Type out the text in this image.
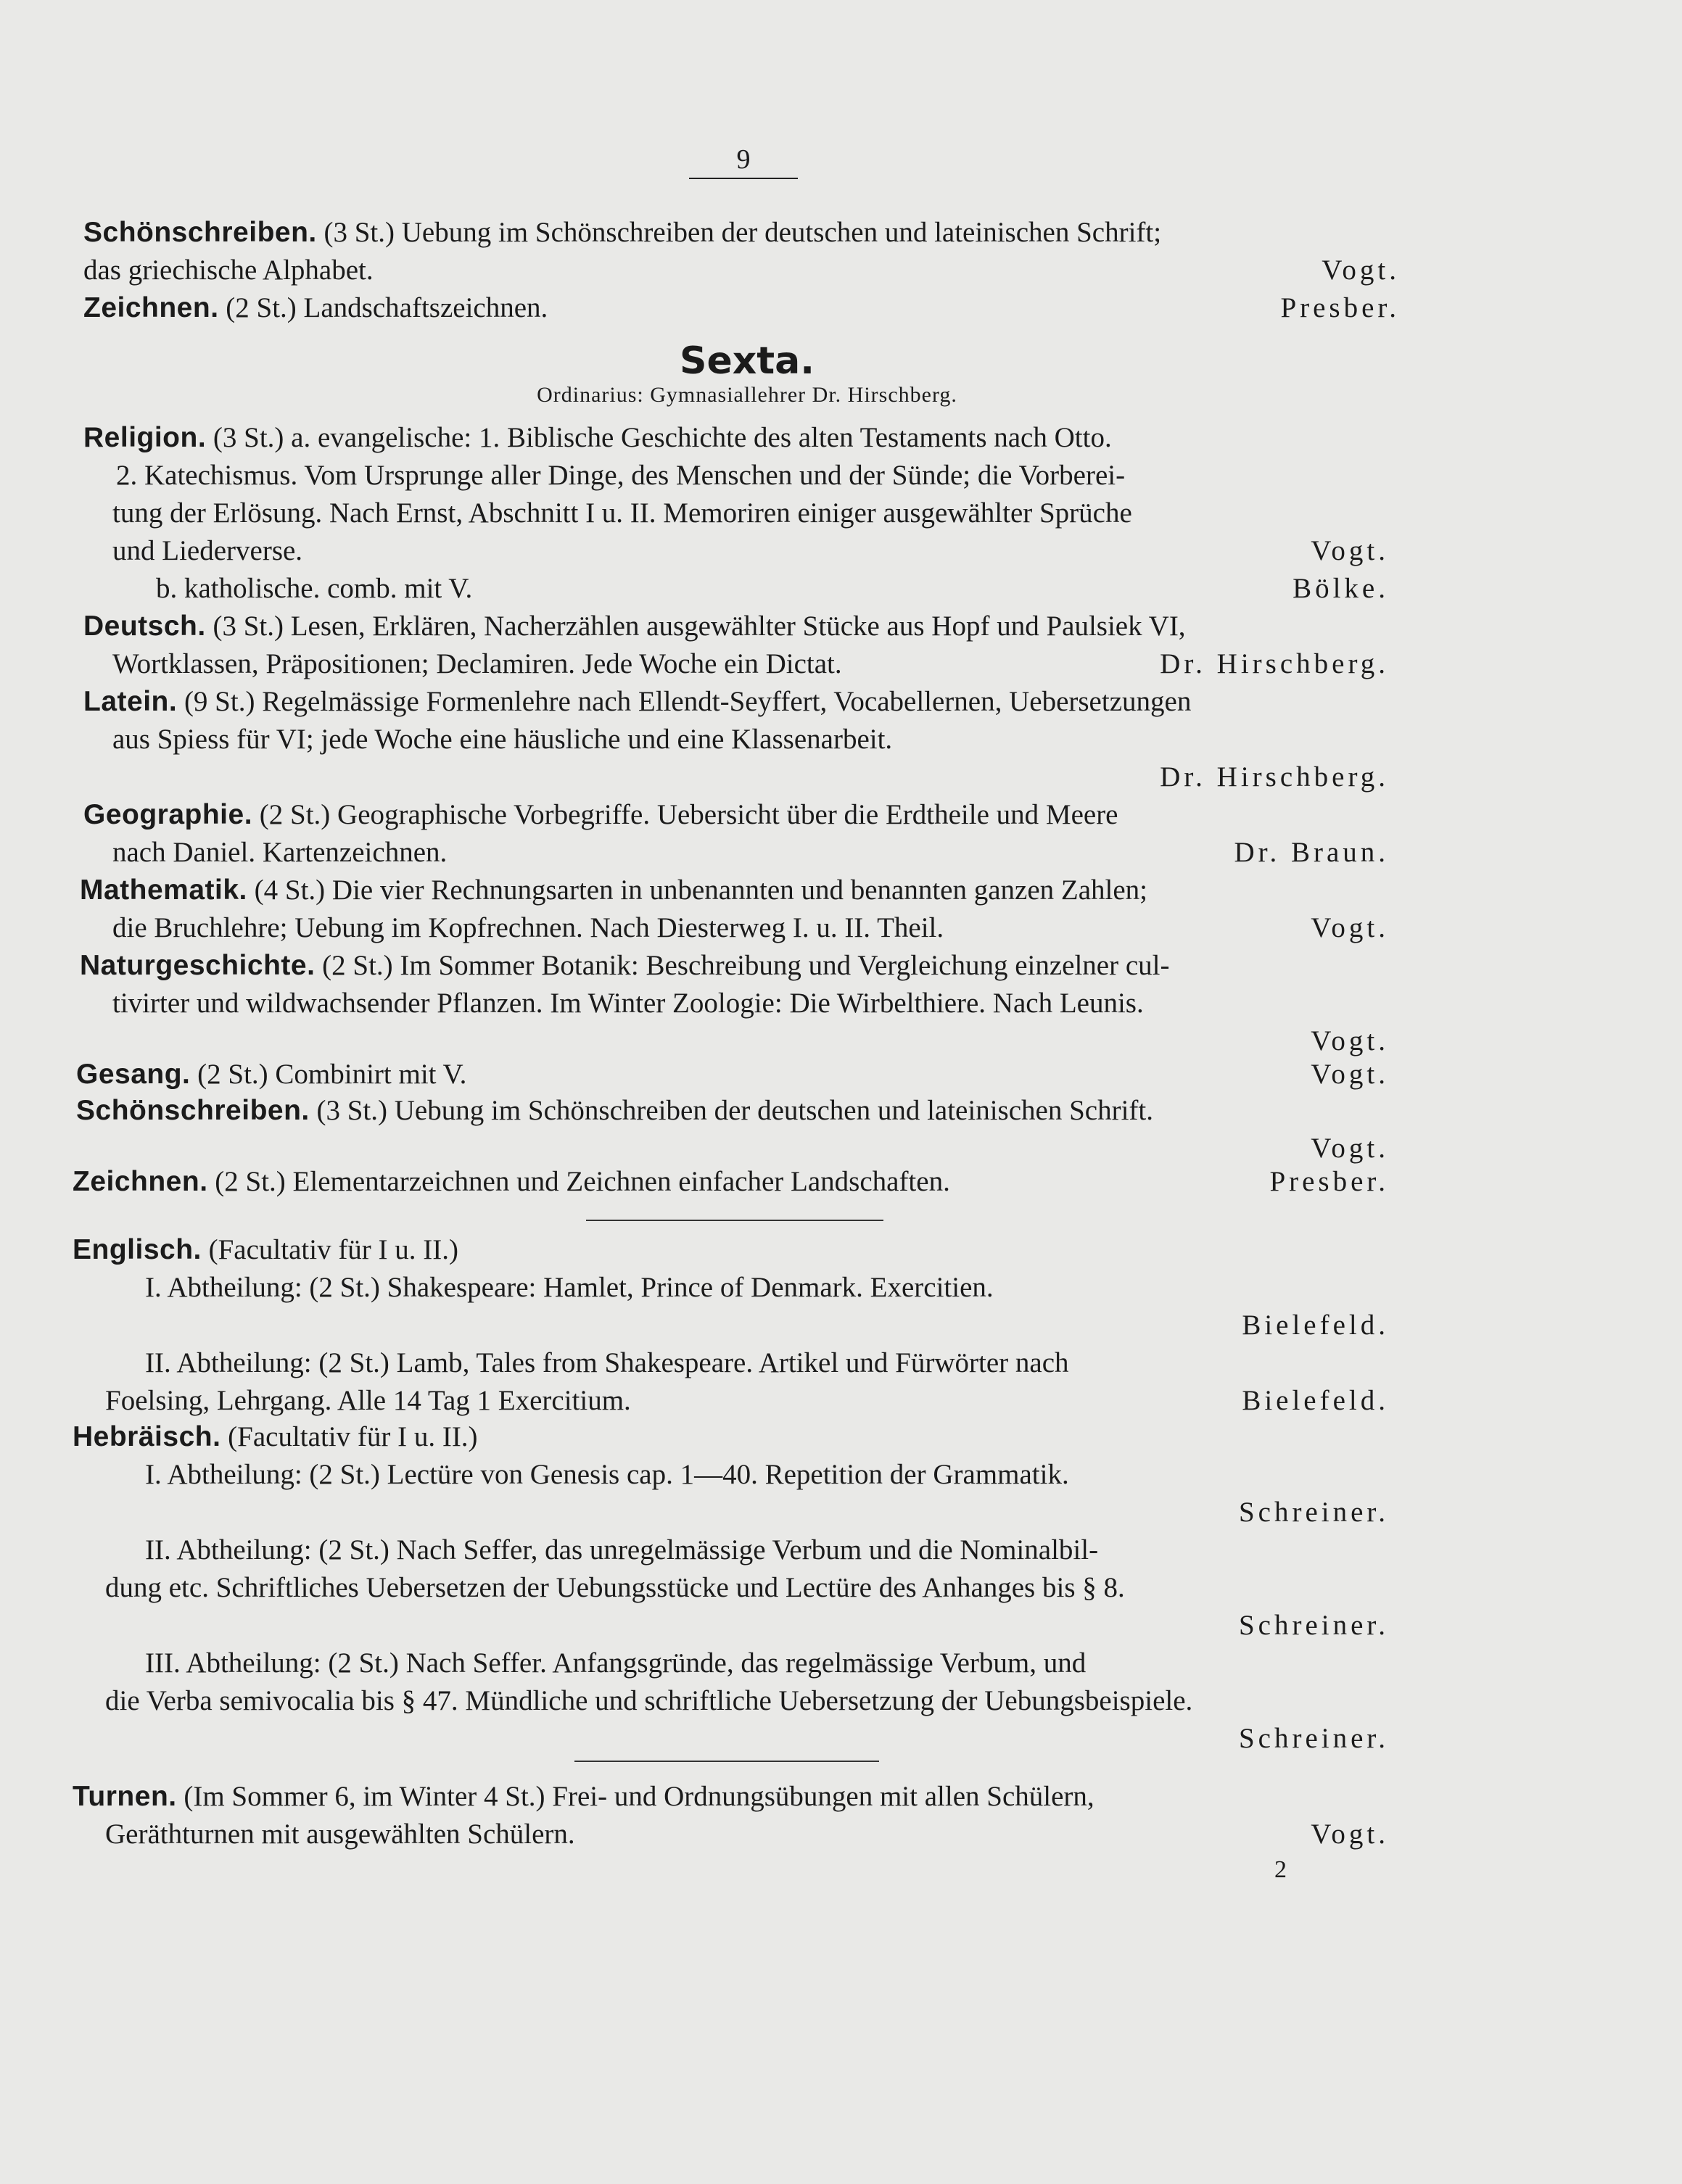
9
Schönschreiben. (3 St.) Uebung im Schönschreiben der deutschen und lateinischen Schrift;
das griechische Alphabet.	Vogt.
Zeichnen. (2 St.) Landschaftszeichnen.	Presber.
Sexta.
Ordinarius: Gymnasiallehrer Dr. Hirschberg.
Religion. (3 St.) a. evangelische: 1. Biblische Geschichte des alten Testaments nach Otto.
2. Katechismus. Vom Ursprunge aller Dinge, des Menschen und der Sünde; die Vorberei-
tung der Erlösung. Nach Ernst, Abschnitt I u. II. Memoriren einiger ausgewählter Sprüche
und Liederverse.	Vogt.
b. katholische. comb. mit V.	Bölke.
Deutsch. (3 St.) Lesen, Erklären, Nacherzählen ausgewählter Stücke aus Hopf und Paulsiek VI,
Wortklassen, Präpositionen; Declamiren. Jede Woche ein Dictat.	Dr. Hirschberg.
Latein. (9 St.) Regelmässige Formenlehre nach Ellendt-Seyffert, Vocabellernen, Uebersetzungen
aus Spiess für VI; jede Woche eine häusliche und eine Klassenarbeit.
Dr. Hirschberg.
Geographie. (2 St.) Geographische Vorbegriffe. Uebersicht über die Erdtheile und Meere
nach Daniel. Kartenzeichnen.	Dr. Braun.
Mathematik. (4 St.) Die vier Rechnungsarten in unbenannten und benannten ganzen Zahlen;
die Bruchlehre; Uebung im Kopfrechnen. Nach Diesterweg I. u. II. Theil.	Vogt.
Naturgeschichte. (2 St.) Im Sommer Botanik: Beschreibung und Vergleichung einzelner cul-
tivirter und wildwachsender Pflanzen. Im Winter Zoologie: Die Wirbelthiere. Nach Leunis.
Vogt.
Gesang. (2 St.) Combinirt mit V.	Vogt.
Schönschreiben. (3 St.) Uebung im Schönschreiben der deutschen und lateinischen Schrift.
Vogt.
Zeichnen. (2 St.) Elementarzeichnen und Zeichnen einfacher Landschaften.	Presber.
Englisch. (Facultativ für I u. II.)
I. Abtheilung: (2 St.) Shakespeare: Hamlet, Prince of Denmark. Exercitien.
Bielefeld.
II. Abtheilung: (2 St.) Lamb, Tales from Shakespeare. Artikel und Fürwörter nach
Foelsing, Lehrgang. Alle 14 Tag 1 Exercitium.	Bielefeld.
Hebräisch. (Facultativ für I u. II.)
I. Abtheilung: (2 St.) Lectüre von Genesis cap. 1—40. Repetition der Grammatik.
Schreiner.
II. Abtheilung: (2 St.) Nach Seffer, das unregelmässige Verbum und die Nominalbil-
dung etc. Schriftliches Uebersetzen der Uebungsstücke und Lectüre des Anhanges bis § 8.
Schreiner.
III. Abtheilung: (2 St.) Nach Seffer. Anfangsgründe, das regelmässige Verbum, und
die Verba semivocalia bis § 47. Mündliche und schriftliche Uebersetzung der Uebungsbeispiele.
Schreiner.
Turnen. (Im Sommer 6, im Winter 4 St.) Frei- und Ordnungsübungen mit allen Schülern,
Geräthturnen mit ausgewählten Schülern.	Vogt.
2
